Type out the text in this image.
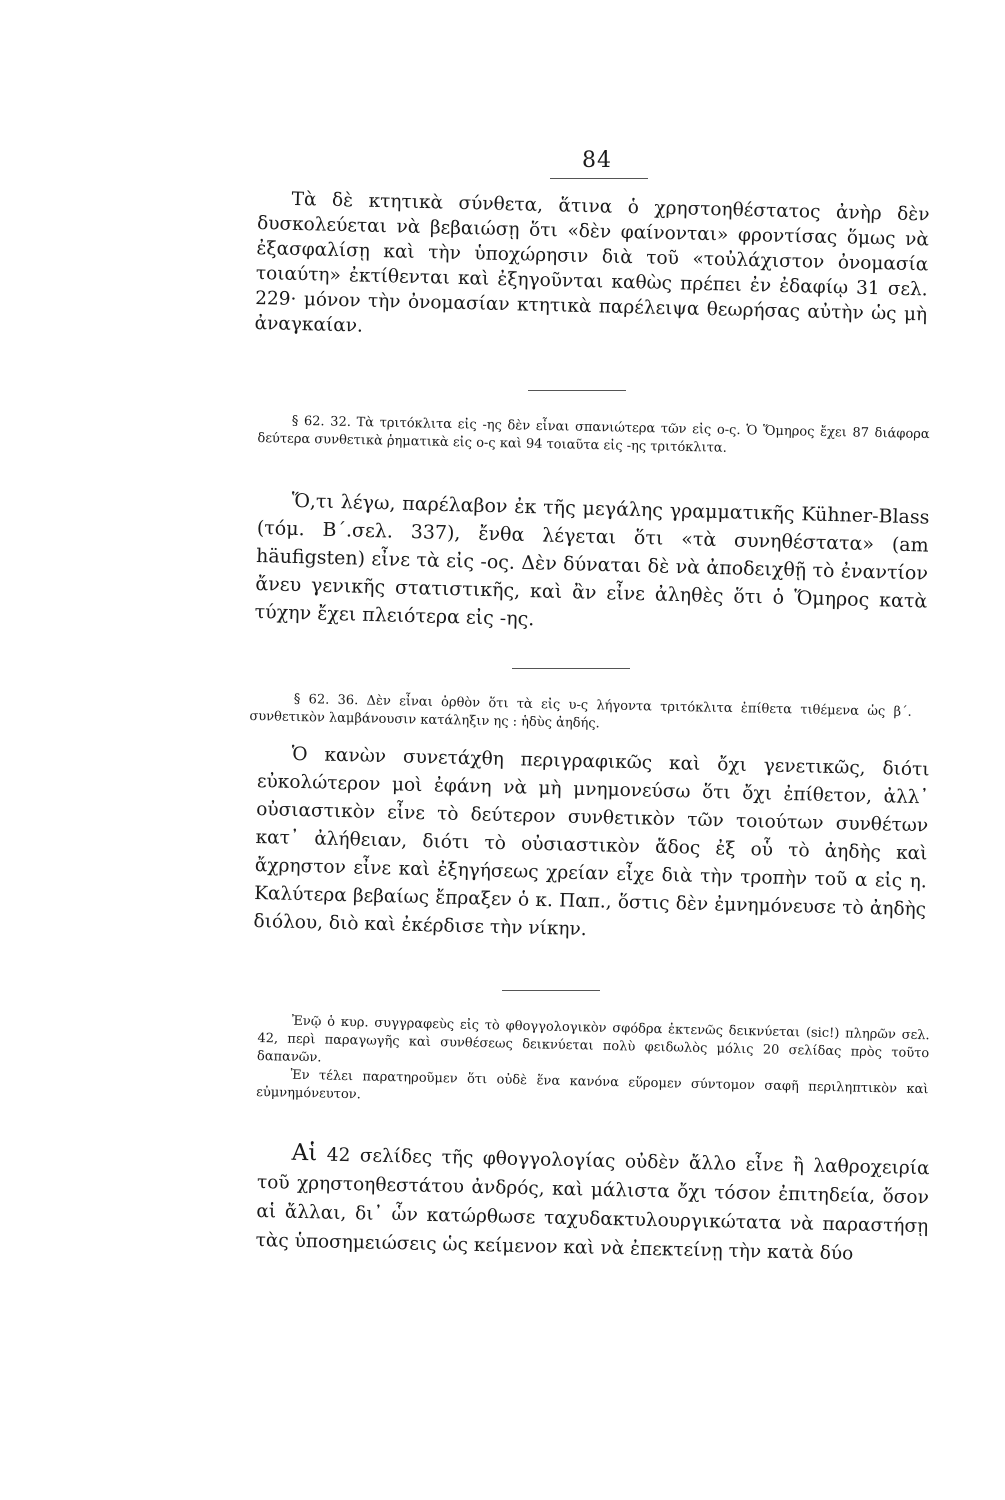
84

Τὰ δὲ κτητικὰ σύνθετα, ἅτινα ὁ χρηστοηθέστατος ἀνὴρ δὲν δυσκολεύεται νὰ βεβαιώσῃ ὅτι «δὲν φαίνονται» φροντίσας ὅμως νὰ ἐξασφαλίσῃ καὶ τὴν ὑποχώρησιν διὰ τοῦ «τοὐλάχιστον ὀνομασία τοιαύτη» ἐκτίθενται καὶ ἐξηγοῦνται καθὼς πρέπει ἐν ἐδαφίῳ 31 σελ. 229· μόνον τὴν ὀνομασίαν κτητικὰ παρέλειψα θεωρήσας αὐτὴν ὡς μὴ ἀναγκαίαν.

§ 62. 32. Τὰ τριτόκλιτα εἰς -ης δὲν εἶναι σπανιώτερα τῶν εἰς ο-ς. Ὁ Ὅμηρος ἔχει 87 διάφορα δεύτερα συνθετικὰ ῥηματικὰ εἰς ο-ς καὶ 94 τοιαῦτα εἰς -ης τριτόκλιτα.

Ὅ,τι λέγω, παρέλαβον ἐκ τῆς μεγάλης γραμματικῆς Kühner-Blass (τόμ. Β΄.σελ. 337), ἔνθα λέγεται ὅτι «τὰ συνηθέστατα» (am häufigsten) εἶνε τὰ εἰς -ος. Δὲν δύναται δὲ νὰ ἀποδειχθῇ τὸ ἐναντίον ἄνευ γενικῆς στατιστικῆς, καὶ ἂν εἶνε ἀληθὲς ὅτι ὁ Ὅμηρος κατὰ τύχην ἔχει πλειότερα εἰς -ης.

§ 62. 36. Δὲν εἶναι ὀρθὸν ὅτι τὰ εἰς υ-ς λήγοντα τριτόκλιτα ἐπίθετα τιθέμενα ὡς β΄. συνθετικὸν λαμβάνουσιν κατάληξιν ης : ἡδὺς ἀηδής.

Ὁ κανὼν συνετάχθη περιγραφικῶς καὶ ὄχι γενετικῶς, διότι εὐκολώτερον μοὶ ἐφάνη νὰ μὴ μνημονεύσω ὅτι ὄχι ἐπίθετον, ἀλλ᾽ οὐσιαστικὸν εἶνε τὸ δεύτερον συνθετικὸν τῶν τοιούτων συνθέτων κατ᾽ ἀλήθειαν, διότι τὸ οὐσιαστικὸν ἅδος ἐξ οὗ τὸ ἀηδὴς καὶ ἄχρηστον εἶνε καὶ ἐξηγήσεως χρείαν εἶχε διὰ τὴν τροπὴν τοῦ α εἰς η. Καλύτερα βεβαίως ἔπραξεν ὁ κ. Παπ., ὅστις δὲν ἐμνημόνευσε τὸ ἀηδὴς διόλου, διὸ καὶ ἐκέρδισε τὴν νίκην.

Ἐνῷ ὁ κυρ. συγγραφεὺς εἰς τὸ φθογγολογικὸν σφόδρα ἐκτενῶς δεικνύεται (sic!) πληρῶν σελ. 42, περὶ παραγωγῆς καὶ συνθέσεως δεικνύεται πολὺ φειδωλὸς μόλις 20 σελίδας πρὸς τοῦτο δαπανῶν.

Ἐν τέλει παρατηροῦμεν ὅτι οὐδὲ ἕνα κανόνα εὕρομεν σύντομον σαφῆ περιληπτικὸν καὶ εὐμνημόνευτον.

Αἱ 42 σελίδες τῆς φθογγολογίας οὐδὲν ἄλλο εἶνε ἢ λαθροχειρία τοῦ χρηστοηθεστάτου ἀνδρός, καὶ μάλιστα ὄχι τόσον ἐπιτηδεία, ὅσον αἱ ἄλλαι, δι᾽ ὧν κατώρθωσε ταχυδακτυλουργικώτατα νὰ παραστήσῃ τὰς ὑποσημειώσεις ὡς κείμενον καὶ νὰ ἐπεκτείνῃ τὴν κατὰ δύο
